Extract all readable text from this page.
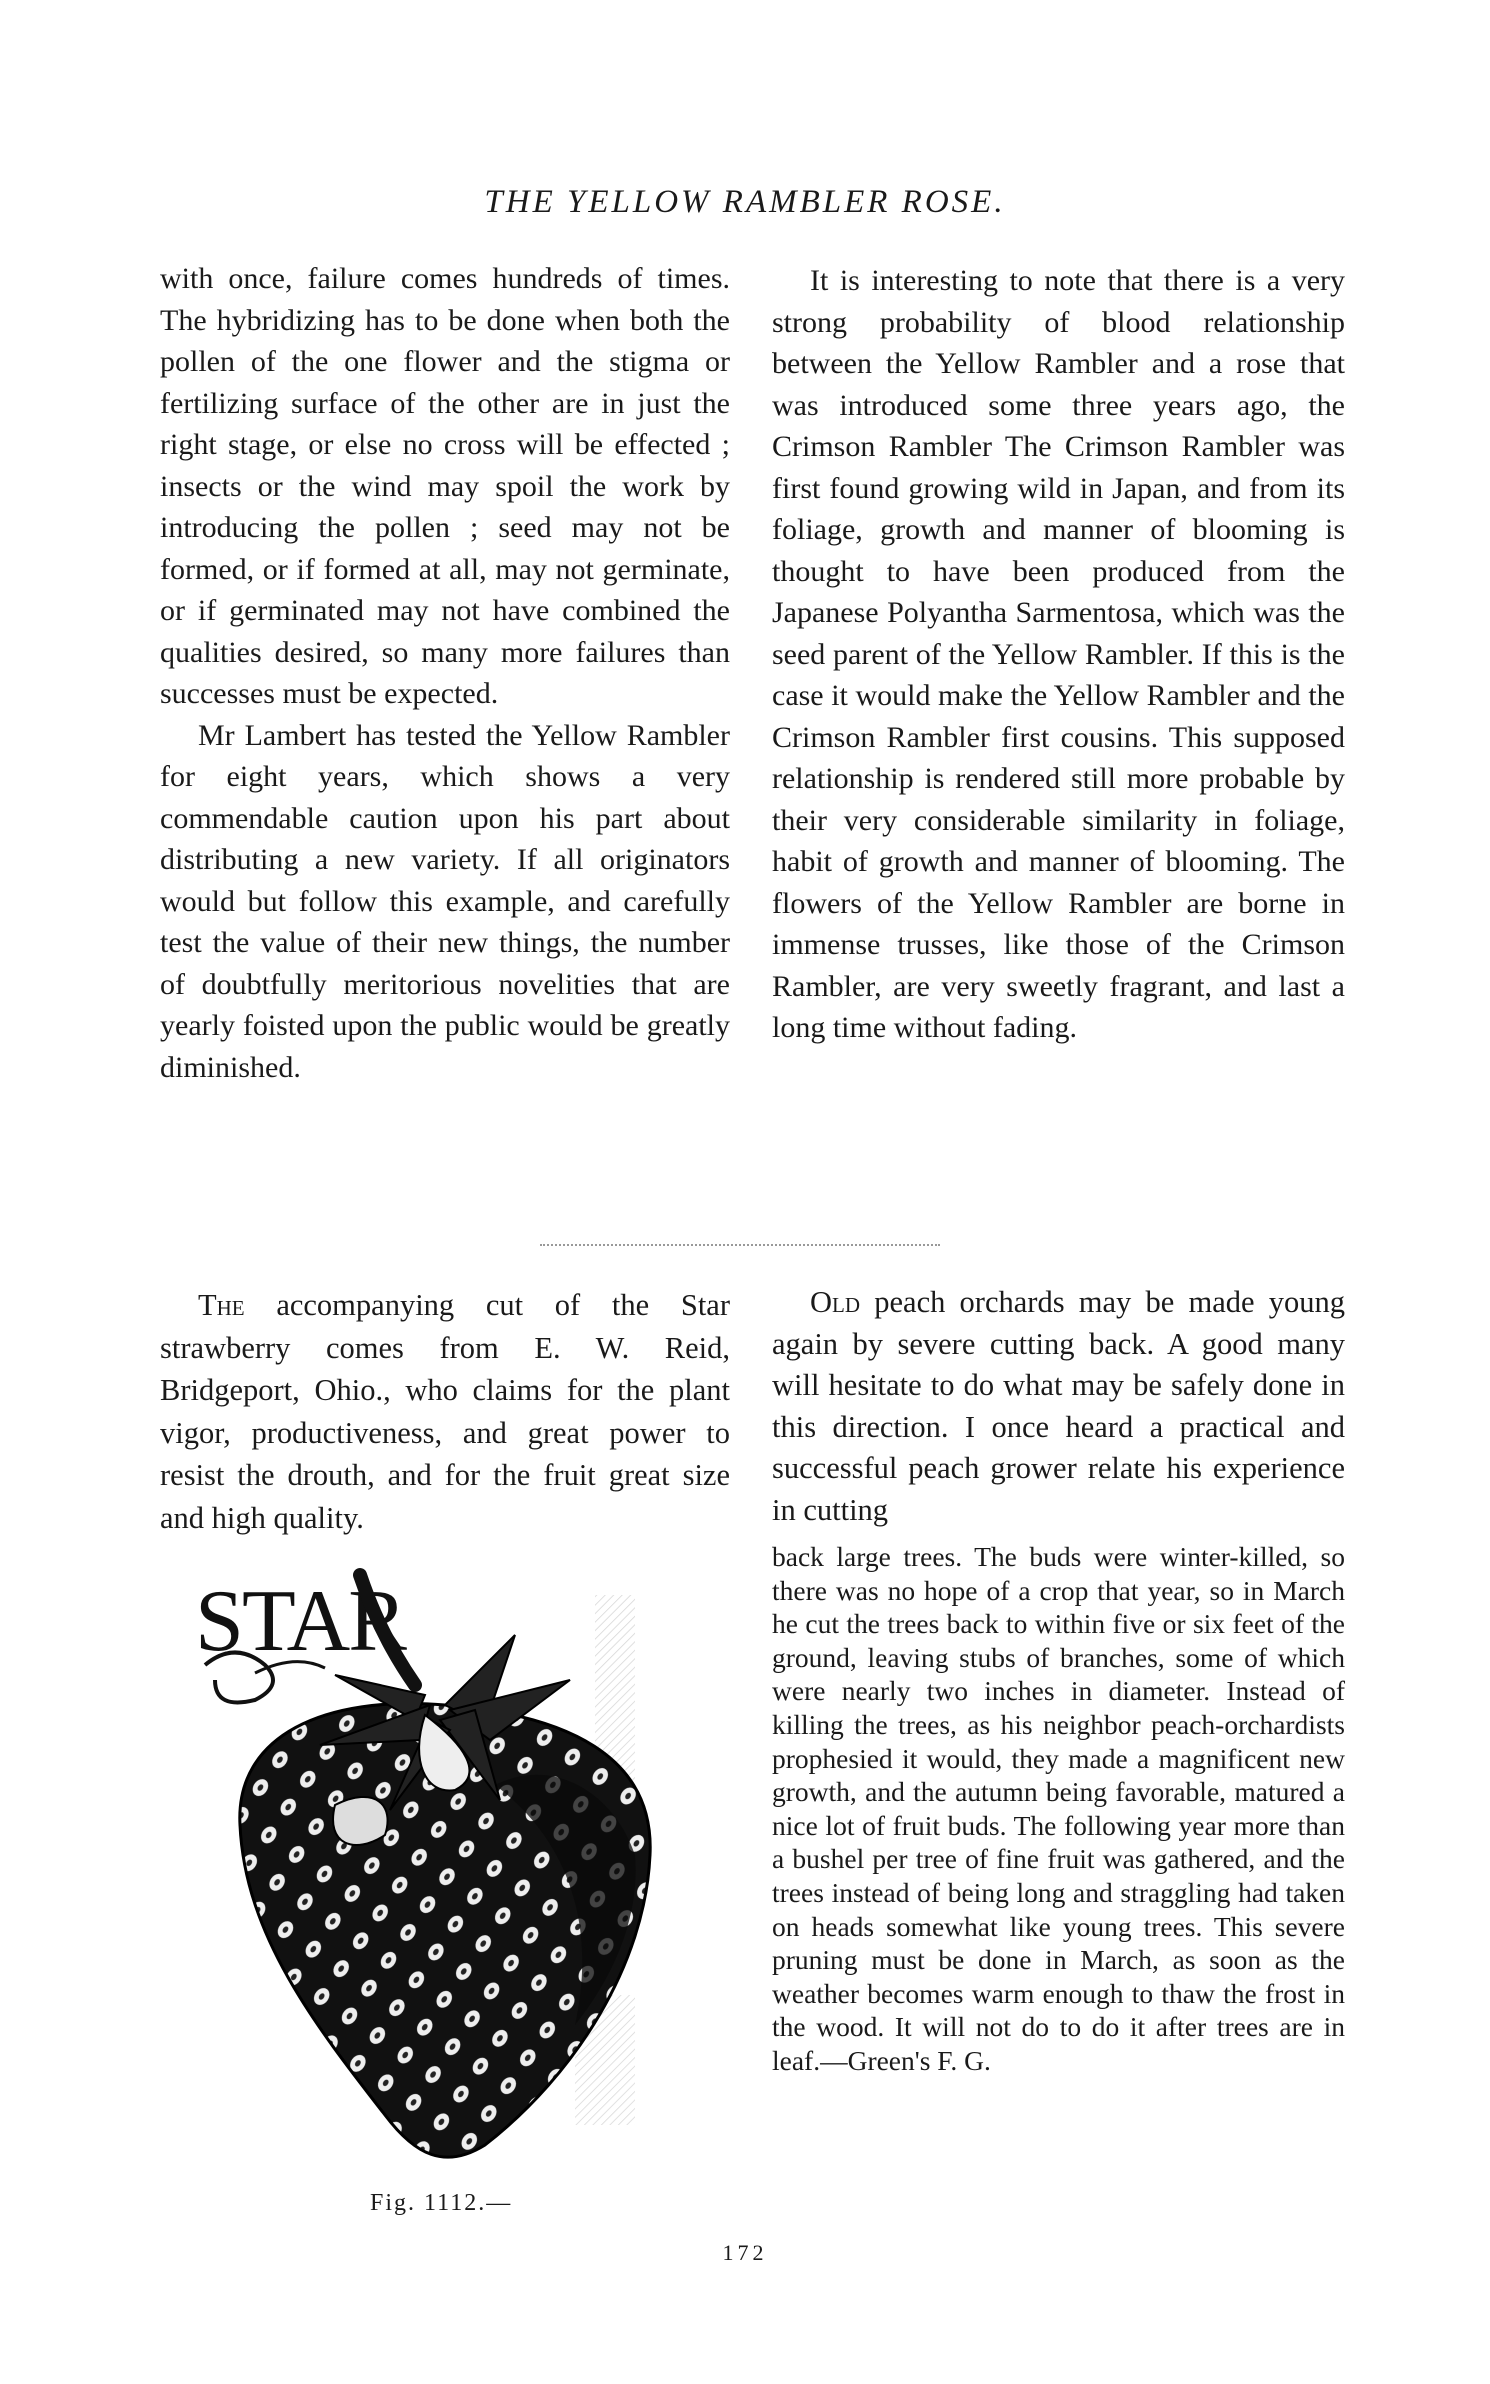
THE YELLOW RAMBLER ROSE.

with once, failure comes hundreds of times. The hybridizing has to be done when both the pollen of the one flower and the stigma or fertilizing surface of the other are in just the right stage, or else no cross will be effected ; insects or the wind may spoil the work by introducing the pollen ; seed may not be formed, or if formed at all, may not germinate, or if germinated may not have combined the qualities desired, so many more failures than successes must be expected.

Mr Lambert has tested the Yellow Rambler for eight years, which shows a very commendable caution upon his part about distributing a new variety. If all originators would but follow this example, and carefully test the value of their new things, the number of doubtfully meritorious novelities that are yearly foisted upon the public would be greatly diminished.

It is interesting to note that there is a very strong probability of blood relationship between the Yellow Rambler and a rose that was introduced some three years ago, the Crimson Rambler The Crimson Rambler was first found growing wild in Japan, and from its foliage, growth and manner of blooming is thought to have been produced from the Japanese Polyantha Sarmentosa, which was the seed parent of the Yellow Rambler. If this is the case it would make the Yellow Rambler and the Crimson Rambler first cousins. This supposed relationship is rendered still more probable by their very considerable similarity in foliage, habit of growth and manner of blooming. The flowers of the Yellow Rambler are borne in immense trusses, like those of the Crimson Rambler, are very sweetly fragrant, and last a long time without fading.

The accompanying cut of the Star strawberry comes from E. W. Reid, Bridgeport, Ohio., who claims for the plant vigor, productiveness, and great power to resist the drouth, and for the fruit great size and high quality.

STAR
Fig. 1112.—

Old peach orchards may be made young again by severe cutting back. A good many will hesitate to do what may be safely done in this direction. I once heard a practical and successful peach grower relate his experience in cutting

back large trees. The buds were winter-killed, so there was no hope of a crop that year, so in March he cut the trees back to within five or six feet of the ground, leaving stubs of branches, some of which were nearly two inches in diameter. Instead of killing the trees, as his neighbor peach-orchardists prophesied it would, they made a magnificent new growth, and the autumn being favorable, matured a nice lot of fruit buds. The following year more than a bushel per tree of fine fruit was gathered, and the trees instead of being long and straggling had taken on heads somewhat like young trees. This severe pruning must be done in March, as soon as the weather becomes warm enough to thaw the frost in the wood. It will not do to do it after trees are in leaf.—Green's F. G.

172
